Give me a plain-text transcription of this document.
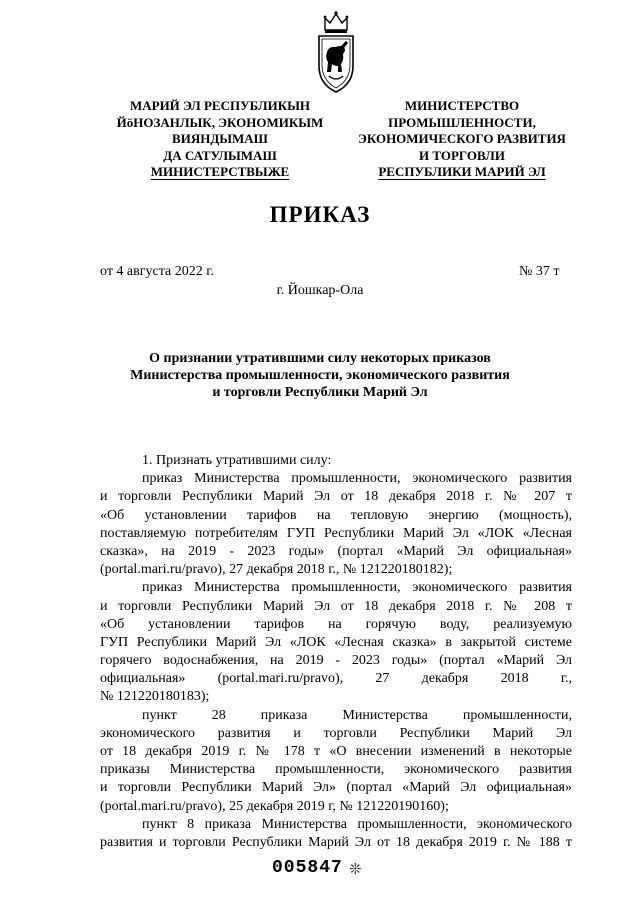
МАРИЙ ЭЛ РЕСПУБЛИКЫН
ЙӧНОЗАНЛЫК, ЭКОНОМИКЫМ
ВИЯНДЫМАШ
ДА САТУЛЫМАШ
МИНИСТЕРСТВЫЖЕ
МИНИСТЕРСТВО
ПРОМЫШЛЕННОСТИ,
ЭКОНОМИЧЕСКОГО РАЗВИТИЯ
И ТОРГОВЛИ
РЕСПУБЛИКИ МАРИЙ ЭЛ
ПРИКАЗ
от 4 августа 2022 г.	№ 37 т
г. Йошкар-Ола
О признании утратившими силу некоторых приказов
Министерства промышленности, экономического развития
и торговли Республики Марий Эл
1. Признать утратившими силу:
приказ Министерства промышленности, экономического развития
и торговли Республики Марий Эл от 18 декабря 2018 г. № 207 т
«Об установлении тарифов на тепловую энергию (мощность),
поставляемую потребителям ГУП Республики Марий Эл «ЛОК «Лесная
сказка», на 2019 - 2023 годы» (портал «Марий Эл официальная»
(portal.mari.ru/pravo), 27 декабря 2018 г., № 121220180182);
приказ Министерства промышленности, экономического развития
и торговли Республики Марий Эл от 18 декабря 2018 г. № 208 т
«Об установлении тарифов на горячую воду, реализуемую
ГУП Республики Марий Эл «ЛОК «Лесная сказка» в закрытой системе
горячего водоснабжения, на 2019 - 2023 годы» (портал «Марий Эл
официальная» (portal.mari.ru/pravo), 27 декабря 2018 г.,
№ 121220180183);
пункт 28 приказа Министерства промышленности,
экономического развития и торговли Республики Марий Эл
от 18 декабря 2019 г. № 178 т «О внесении изменений в некоторые
приказы Министерства промышленности, экономического развития
и торговли Республики Марий Эл» (портал «Марий Эл официальная»
(portal.mari.ru/pravo), 25 декабря 2019 г, № 121220190160);
пункт 8 приказа Министерства промышленности, экономического
развития и торговли Республики Марий Эл от 18 декабря 2019 г. № 188 т
005847 ❊
